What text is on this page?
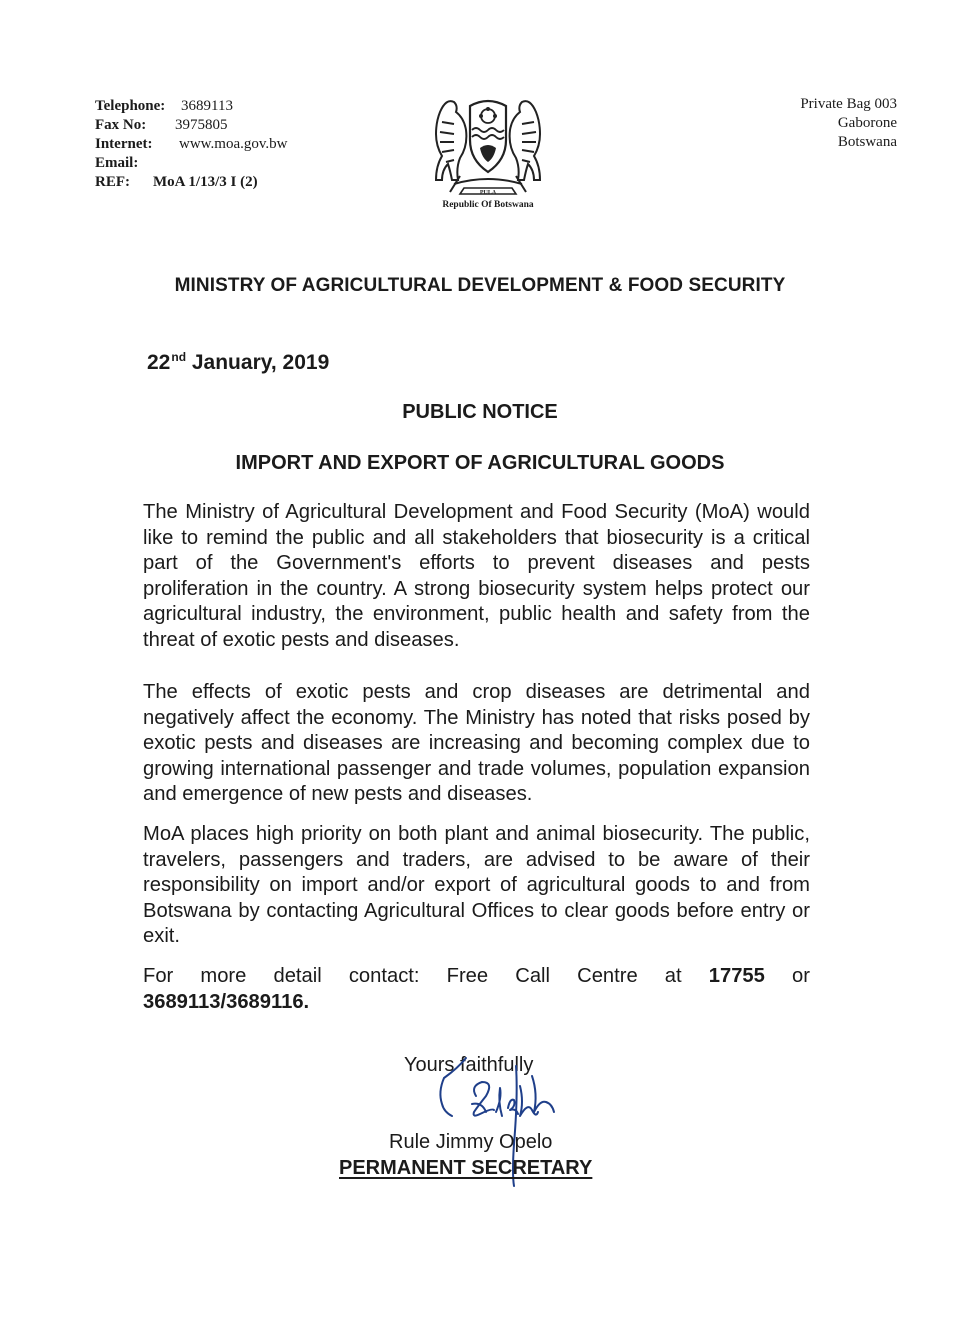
Telephone: 3689113
Fax No: 3975805
Internet: www.moa.gov.bw
Email:
REF: MoA 1/13/3 I (2)
PULA
Republic Of Botswana
Private Bag 003
Gaborone
Botswana
MINISTRY OF AGRICULTURAL DEVELOPMENT & FOOD SECURITY
22nd January, 2019
PUBLIC NOTICE
IMPORT AND EXPORT OF AGRICULTURAL GOODS
The Ministry of Agricultural Development and Food Security (MoA) would like to remind the public and all stakeholders that biosecurity is a critical part of the Government's efforts to prevent diseases and pests proliferation in the country. A strong biosecurity system helps protect our agricultural industry, the environment, public health and safety from the threat of exotic pests and diseases.
The effects of exotic pests and crop diseases are detrimental and negatively affect the economy. The Ministry has noted that risks posed by exotic pests and diseases are increasing and becoming complex due to growing international passenger and trade volumes, population expansion and emergence of new pests and diseases.
MoA places high priority on both plant and animal biosecurity. The public, travelers, passengers and traders, are advised to be aware of their responsibility on import and/or export of agricultural goods to and from Botswana by contacting Agricultural Offices to clear goods before entry or exit.
For more detail contact: Free Call Centre at 17755 or
3689113/3689116.
Yours faithfully
Rule Jimmy Opelo
PERMANENT SECRETARY
